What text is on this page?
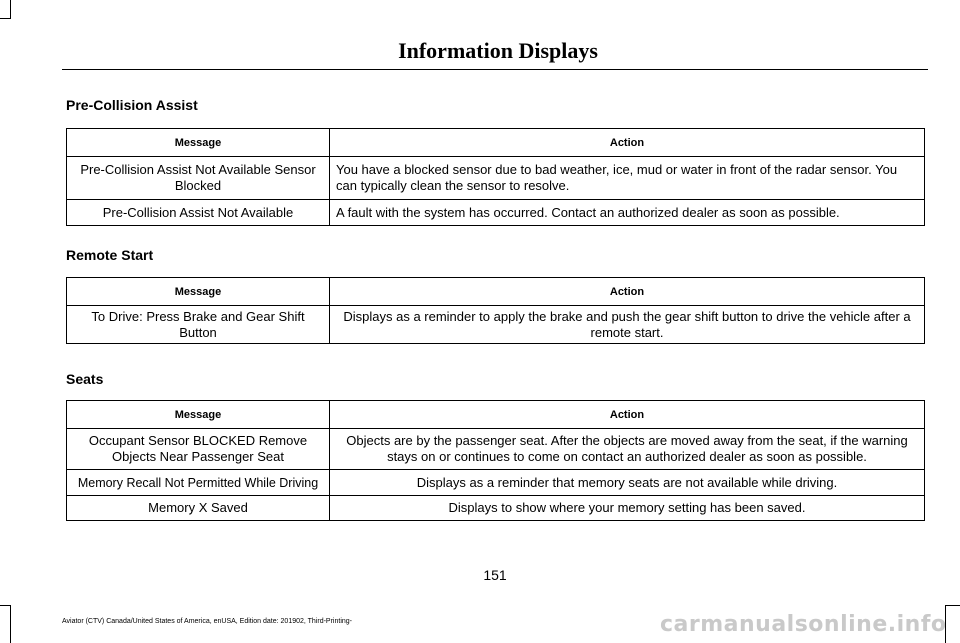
Information Displays
Pre-Collision Assist
Message	Action
Pre-Collision Assist Not Available Sensor Blocked	You have a blocked sensor due to bad weather, ice, mud or water in front of the radar sensor. You can typically clean the sensor to resolve.
Pre-Collision Assist Not Available	A fault with the system has occurred. Contact an authorized dealer as soon as possible.
Remote Start
Message	Action
To Drive: Press Brake and Gear Shift Button	Displays as a reminder to apply the brake and push the gear shift button to drive the vehicle after a remote start.
Seats
Message	Action
Occupant Sensor BLOCKED Remove Objects Near Passenger Seat	Objects are by the passenger seat. After the objects are moved away from the seat, if the warning stays on or continues to come on contact an authorized dealer as soon as possible.
Memory Recall Not Permitted While Driving	Displays as a reminder that memory seats are not available while driving.
Memory X Saved	Displays to show where your memory setting has been saved.
151
Aviator (CTV) Canada/United States of America, enUSA, Edition date: 201902, Third-Printing-	carmanualsonline.info
